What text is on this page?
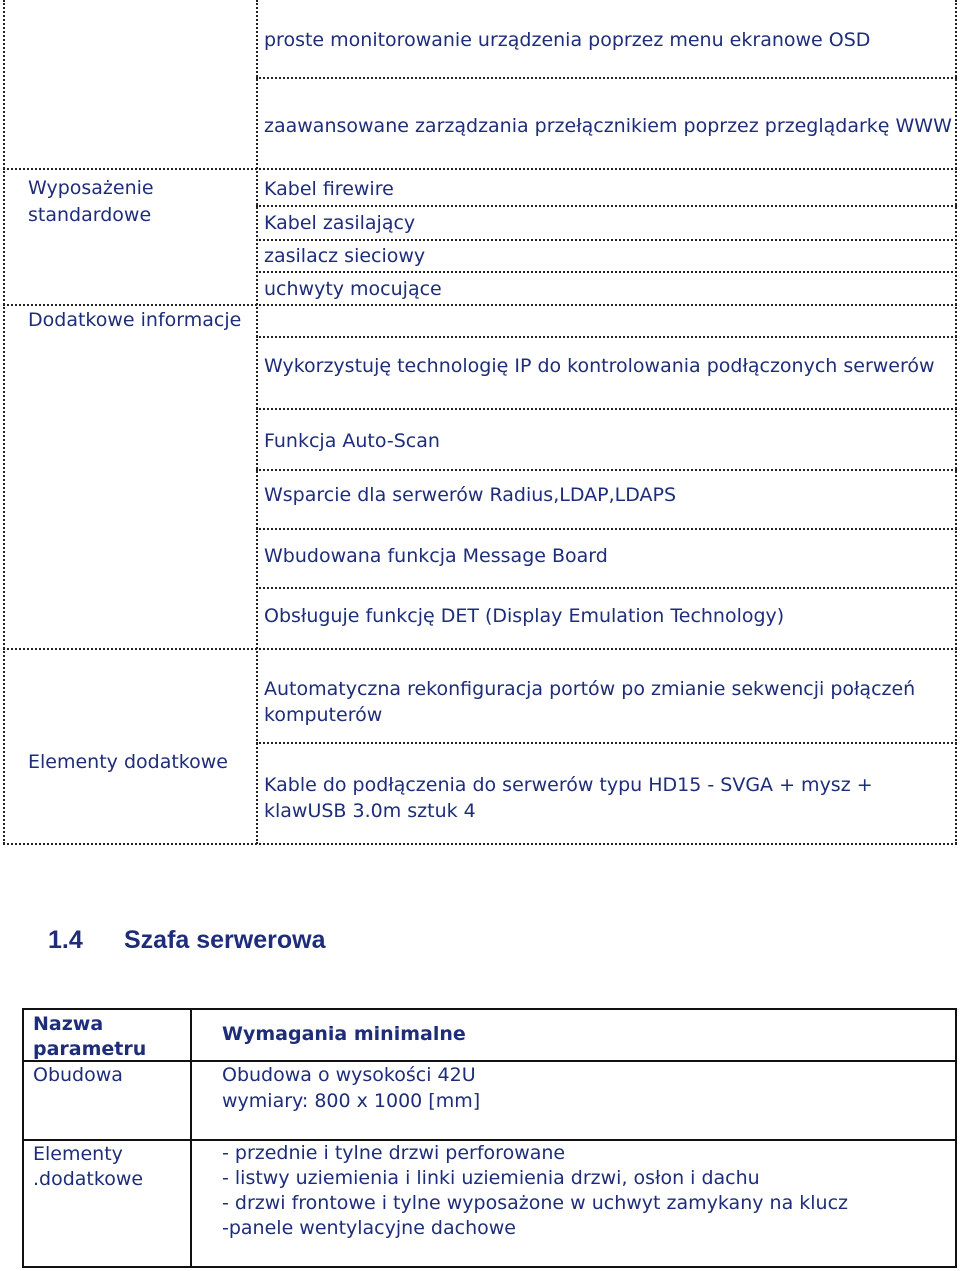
proste monitorowanie urządzenia poprzez menu ekranowe OSD
zaawansowane zarządzania przełącznikiem poprzez przeglądarkę WWW
Wyposażenie standardowe
Kabel firewire
Kabel zasilający
zasilacz sieciowy
uchwyty mocujące
Dodatkowe informacje
Wykorzystuję technologię IP do kontrolowania podłączonych serwerów
Funkcja Auto-Scan
Wsparcie dla serwerów Radius,LDAP,LDAPS
Wbudowana funkcja Message Board
Obsługuje funkcję DET (Display Emulation Technology)
Elementy dodatkowe
Automatyczna rekonfiguracja portów po zmianie sekwencji połączeń komputerów
Kable do podłączenia do serwerów typu HD15 - SVGA + mysz + klawUSB 3.0m sztuk 4
1.4 Szafa serwerowa
Nazwa parametru
Wymagania minimalne
Obudowa	Obudowa o wysokości 42U
wymiary: 800 x 1000 [mm]
Elementy .dodatkowe
- przednie i tylne drzwi perforowane
- listwy uziemienia i linki uziemienia drzwi, osłon i dachu
- drzwi frontowe i tylne wyposażone w uchwyt zamykany na klucz
-panele wentylacyjne dachowe
